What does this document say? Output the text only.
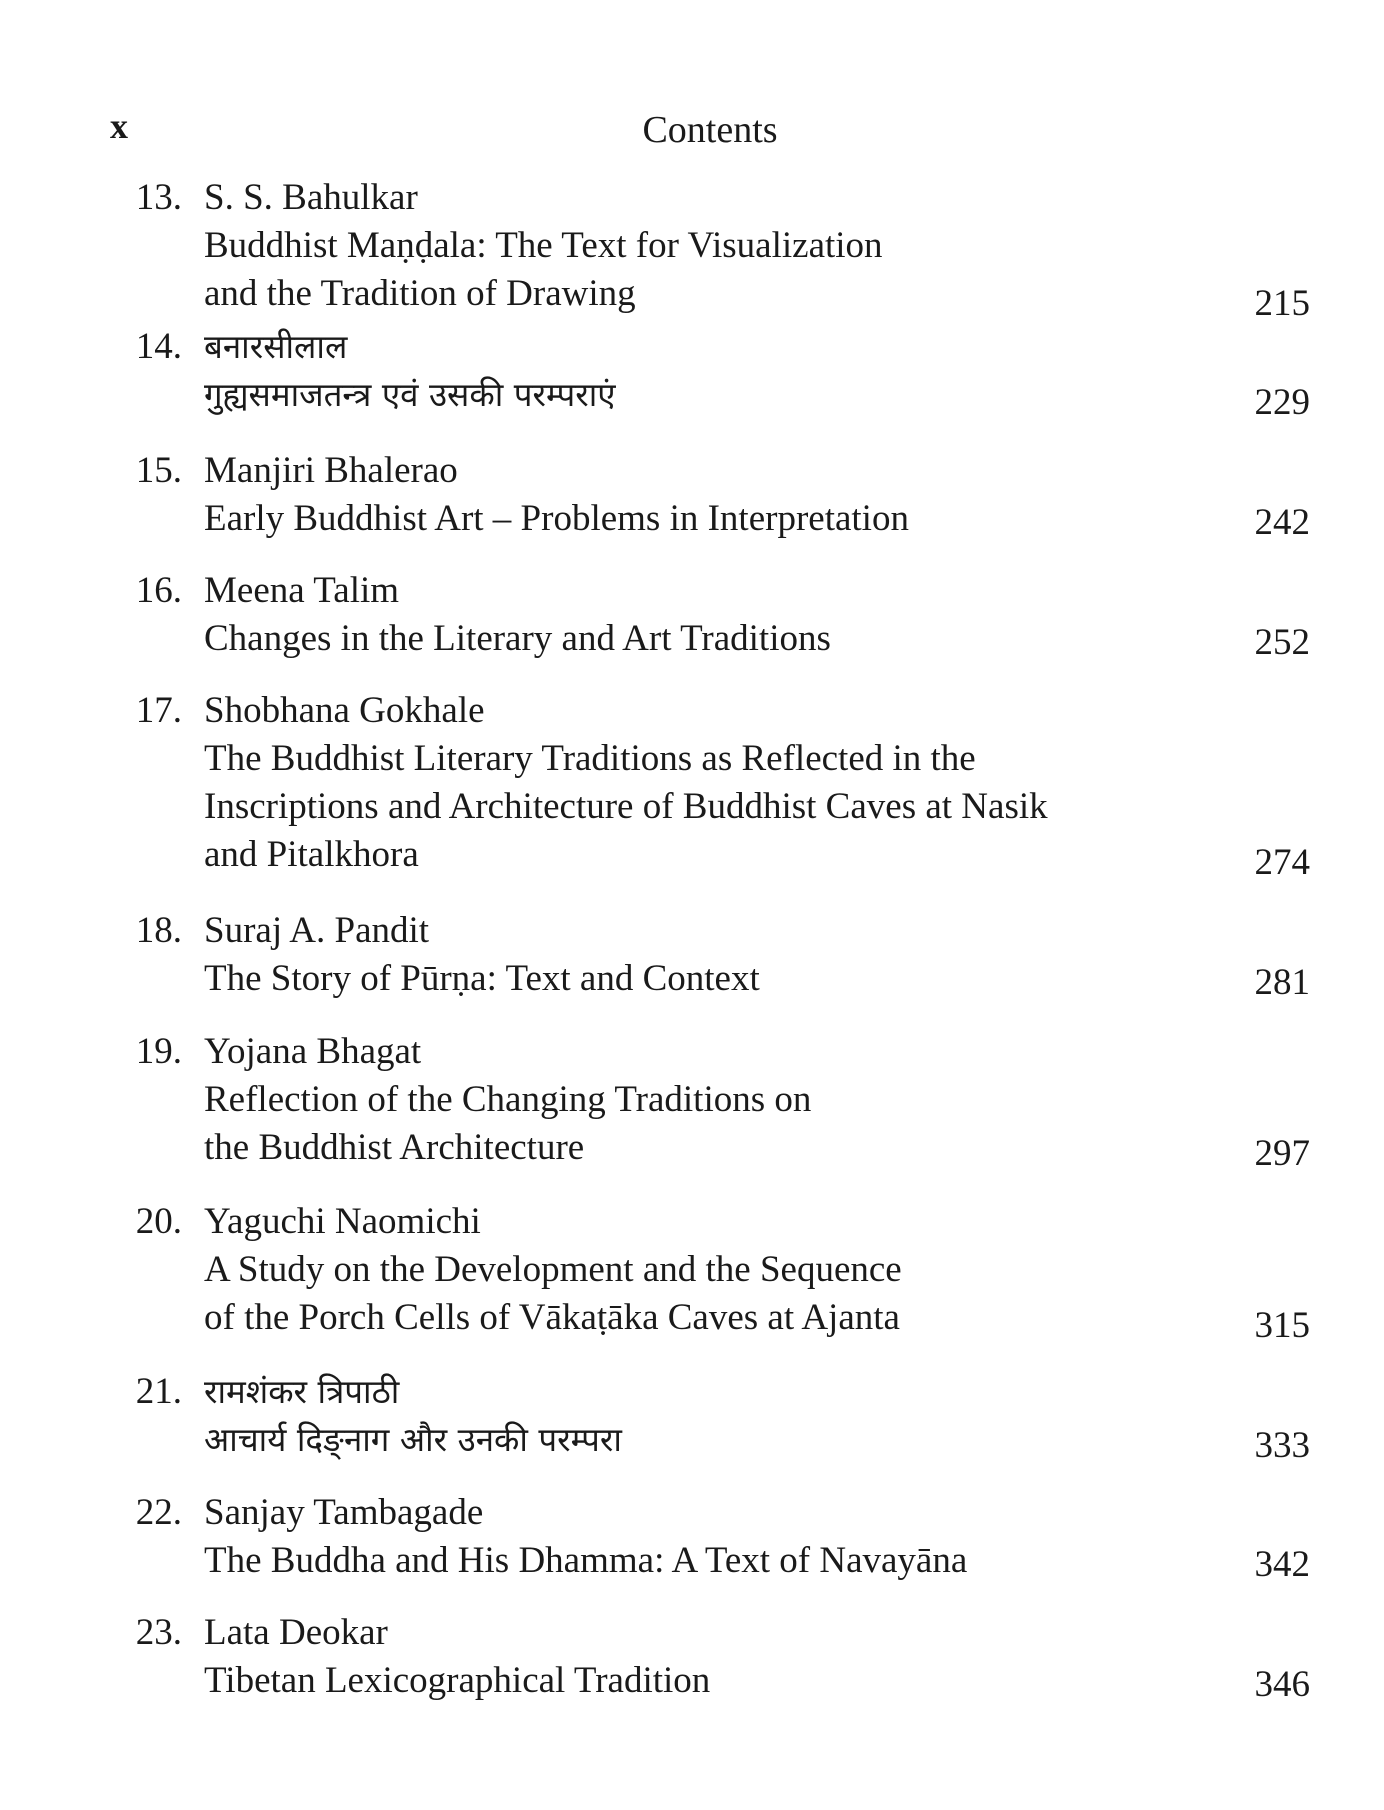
x	Contents
13. S. S. Bahulkar
Buddhist Maṇḍala: The Text for Visualization
and the Tradition of Drawing	215
14. बनारसीलाल
गुह्यसमाजतन्त्र एवं उसकी परम्पराएं	229
15. Manjiri Bhalerao
Early Buddhist Art – Problems in Interpretation	242
16. Meena Talim
Changes in the Literary and Art Traditions	252
17. Shobhana Gokhale
The Buddhist Literary Traditions as Reflected in the
Inscriptions and Architecture of Buddhist Caves at Nasik
and Pitalkhora	274
18. Suraj A. Pandit
The Story of Pūrṇa: Text and Context	281
19. Yojana Bhagat
Reflection of the Changing Traditions on
the Buddhist Architecture	297
20. Yaguchi Naomichi
A Study on the Development and the Sequence
of the Porch Cells of Vākaṭāka Caves at Ajanta	315
21. रामशंकर त्रिपाठी
आचार्य दिङ्नाग और उनकी परम्परा	333
22. Sanjay Tambagade
The Buddha and His Dhamma: A Text of Navayāna	342
23. Lata Deokar
Tibetan Lexicographical Tradition	346
